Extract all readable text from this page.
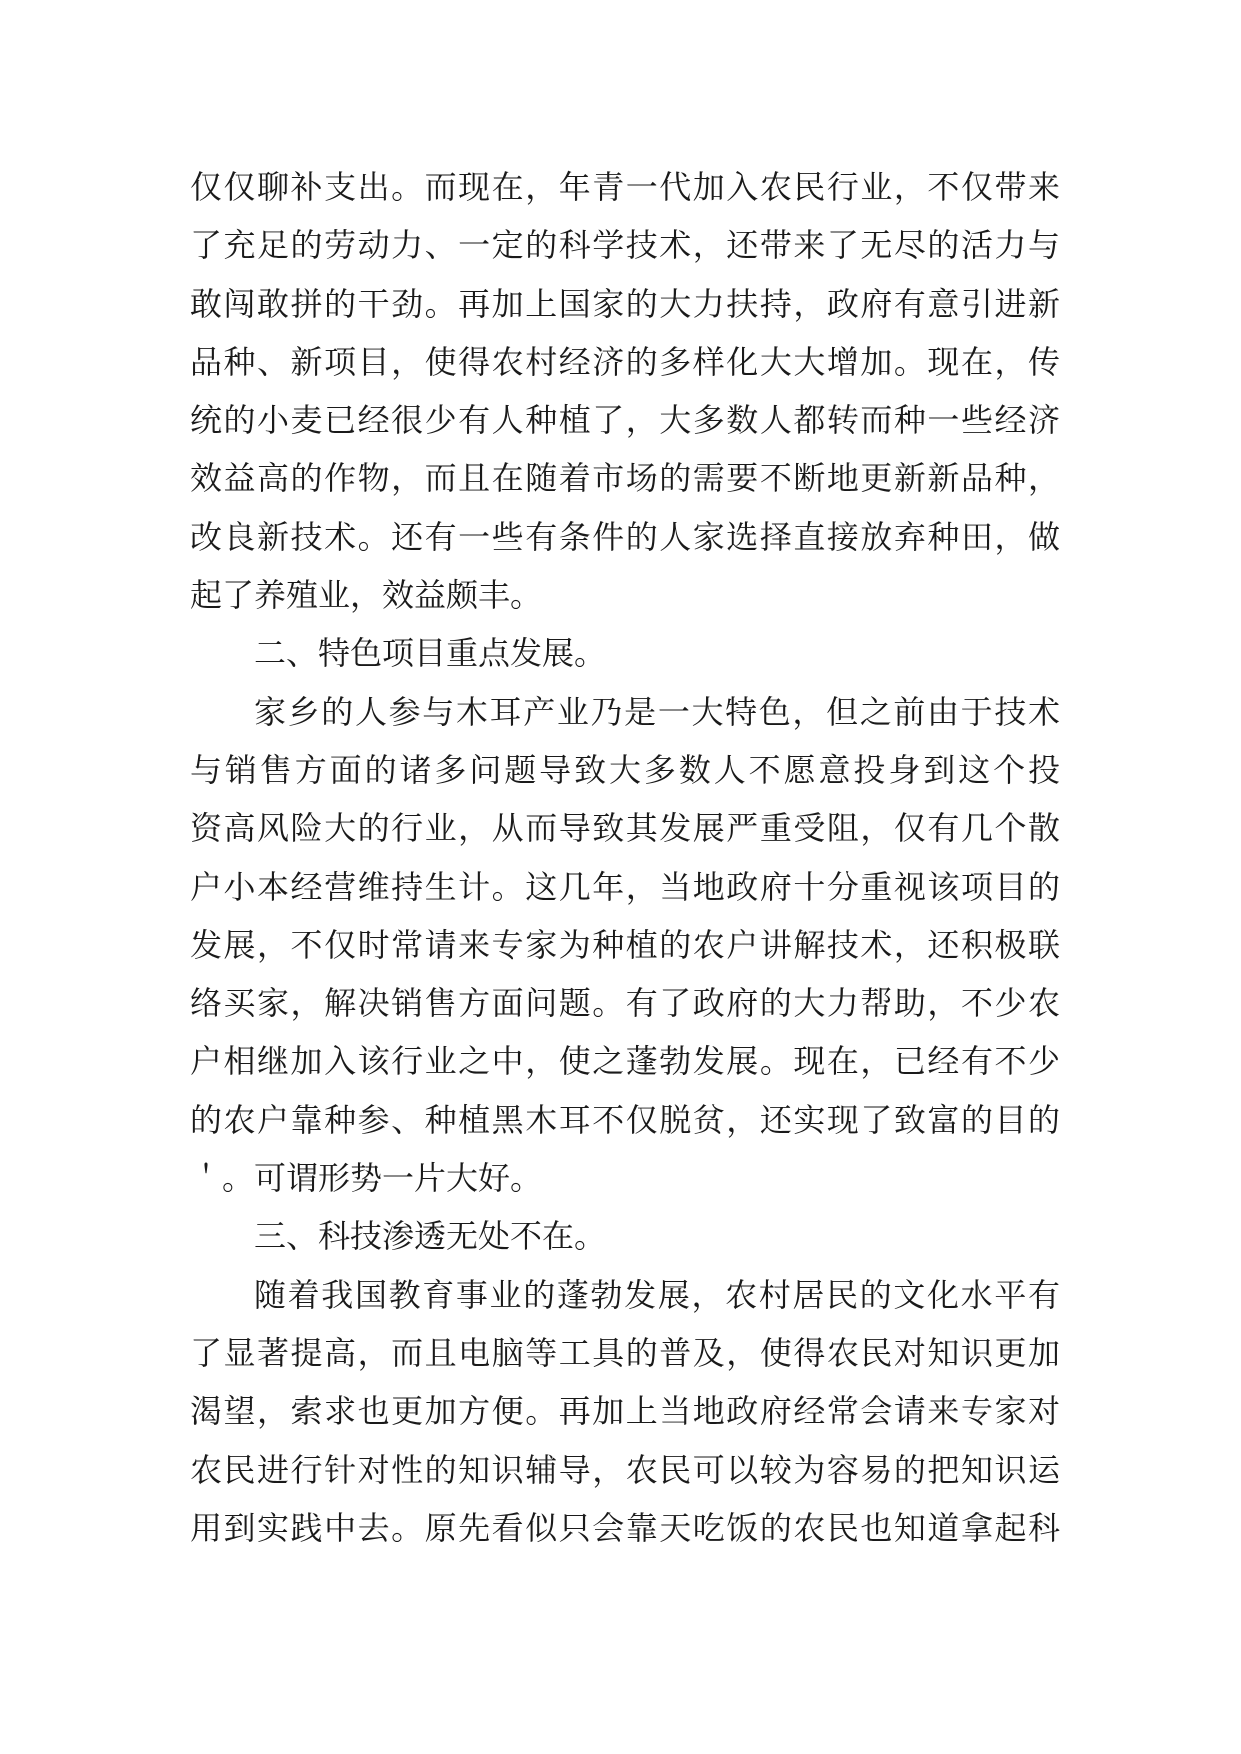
仅仅聊补支出。而现在，年青一代加入农民行业，不仅带来
了充足的劳动力、一定的科学技术，还带来了无尽的活力与
敢闯敢拼的干劲。再加上国家的大力扶持，政府有意引进新
品种、新项目，使得农村经济的多样化大大增加。现在，传
统的小麦已经很少有人种植了，大多数人都转而种一些经济
效益高的作物，而且在随着市场的需要不断地更新新品种，
改良新技术。还有一些有条件的人家选择直接放弃种田，做
起了养殖业，效益颇丰。
二、特色项目重点发展。
家乡的人参与木耳产业乃是一大特色，但之前由于技术
与销售方面的诸多问题导致大多数人不愿意投身到这个投
资高风险大的行业，从而导致其发展严重受阻，仅有几个散
户小本经营维持生计。这几年，当地政府十分重视该项目的
发展，不仅时常请来专家为种植的农户讲解技术，还积极联
络买家，解决销售方面问题。有了政府的大力帮助，不少农
户相继加入该行业之中，使之蓬勃发展。现在，已经有不少
的农户靠种参、种植黑木耳不仅脱贫，还实现了致富的目的
＇。可谓形势一片大好。
三、科技渗透无处不在。
随着我国教育事业的蓬勃发展，农村居民的文化水平有
了显著提高，而且电脑等工具的普及，使得农民对知识更加
渴望，索求也更加方便。再加上当地政府经常会请来专家对
农民进行针对性的知识辅导，农民可以较为容易的把知识运
用到实践中去。原先看似只会靠天吃饭的农民也知道拿起科
